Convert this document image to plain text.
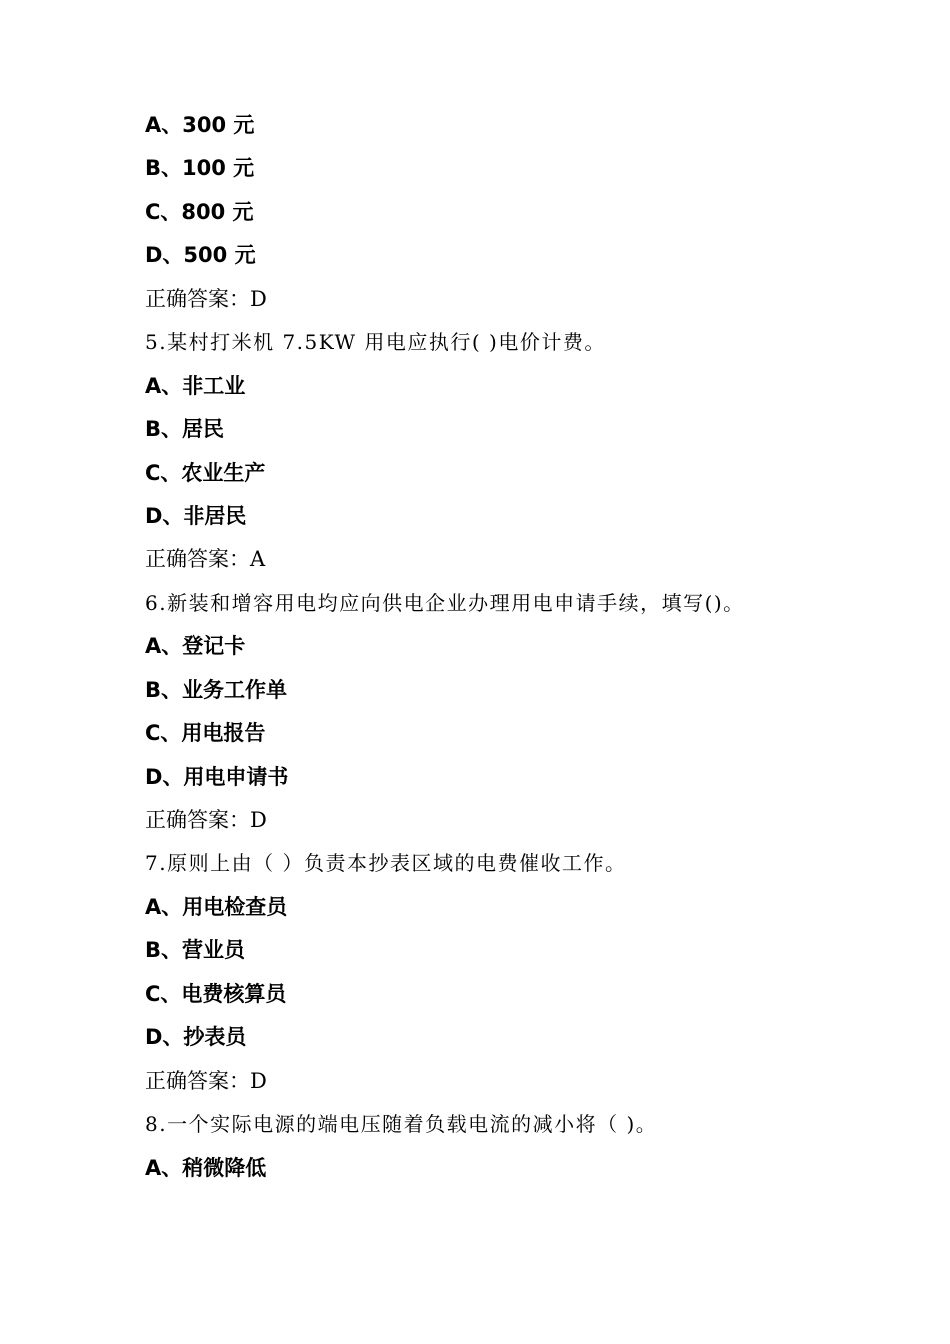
A、300 元
B、100 元
C、800 元
D、500 元
正确答案：D
5.某村打米机 7.5KW 用电应执行( )电价计费。
A、非工业
B、居民
C、农业生产
D、非居民
正确答案：A
6.新装和增容用电均应向供电企业办理用电申请手续，填写()。
A、登记卡
B、业务工作单
C、用电报告
D、用电申请书
正确答案：D
7.原则上由（ ）负责本抄表区域的电费催收工作。
A、用电检查员
B、营业员
C、电费核算员
D、抄表员
正确答案：D
8.一个实际电源的端电压随着负载电流的减小将（ )。
A、稍微降低
